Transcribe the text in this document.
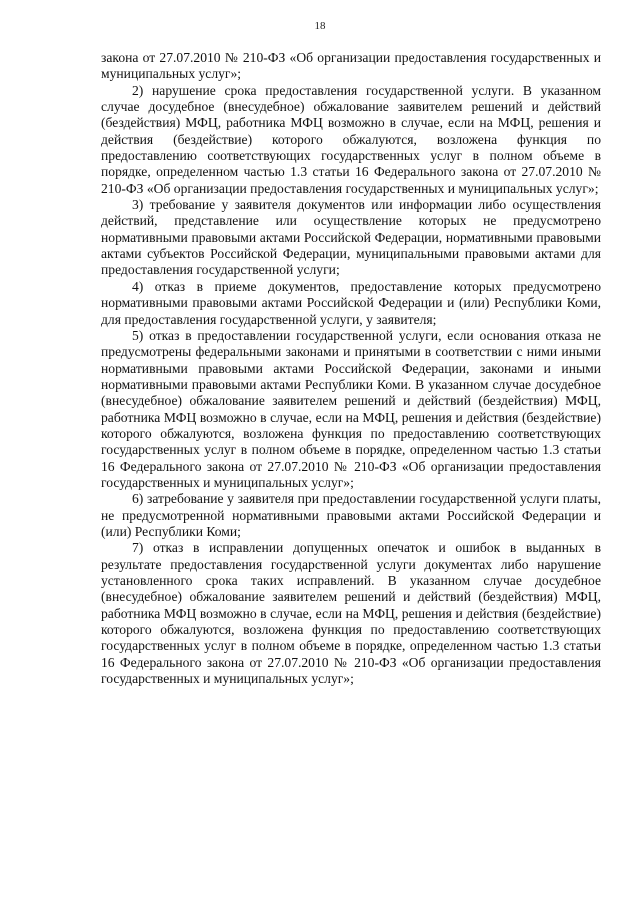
18

закона от 27.07.2010 № 210-ФЗ «Об организации предоставления государственных и муниципальных услуг»;

2) нарушение срока предоставления государственной услуги. В указанном случае досудебное (внесудебное) обжалование заявителем решений и действий (бездействия) МФЦ, работника МФЦ возможно в случае, если на МФЦ, решения и действия (бездействие) которого обжалуются, возложена функция по предоставлению соответствующих государственных услуг в полном объеме в порядке, определенном частью 1.3 статьи 16 Федерального закона от 27.07.2010 № 210-ФЗ «Об организации предоставления государственных и муниципальных услуг»;

3) требование у заявителя документов или информации либо осуществления действий, представление или осуществление которых не предусмотрено нормативными правовыми актами Российской Федерации, нормативными правовыми актами субъектов Российской Федерации, муниципальными правовыми актами для предоставления государственной услуги;

4) отказ в приеме документов, предоставление которых предусмотрено нормативными правовыми актами Российской Федерации и (или) Республики Коми, для предоставления государственной услуги, у заявителя;

5) отказ в предоставлении государственной услуги, если основания отказа не предусмотрены федеральными законами и принятыми в соответствии с ними иными нормативными правовыми актами Российской Федерации, законами и иными нормативными правовыми актами Республики Коми. В указанном случае досудебное (внесудебное) обжалование заявителем решений и действий (бездействия) МФЦ, работника МФЦ возможно в случае, если на МФЦ, решения и действия (бездействие) которого обжалуются, возложена функция по предоставлению соответствующих государственных услуг в полном объеме в порядке, определенном частью 1.3 статьи 16 Федерального закона от 27.07.2010 № 210-ФЗ «Об организации предоставления государственных и муниципальных услуг»;

6) затребование у заявителя при предоставлении государственной услуги платы, не предусмотренной нормативными правовыми актами Российской Федерации и (или) Республики Коми;

7) отказ в исправлении допущенных опечаток и ошибок в выданных в результате предоставления государственной услуги документах либо нарушение установленного срока таких исправлений. В указанном случае досудебное (внесудебное) обжалование заявителем решений и действий (бездействия) МФЦ, работника МФЦ возможно в случае, если на МФЦ, решения и действия (бездействие) которого обжалуются, возложена функция по предоставлению соответствующих государственных услуг в полном объеме в порядке, определенном частью 1.3 статьи 16 Федерального закона от 27.07.2010 № 210-ФЗ «Об организации предоставления государственных и муниципальных услуг»;
